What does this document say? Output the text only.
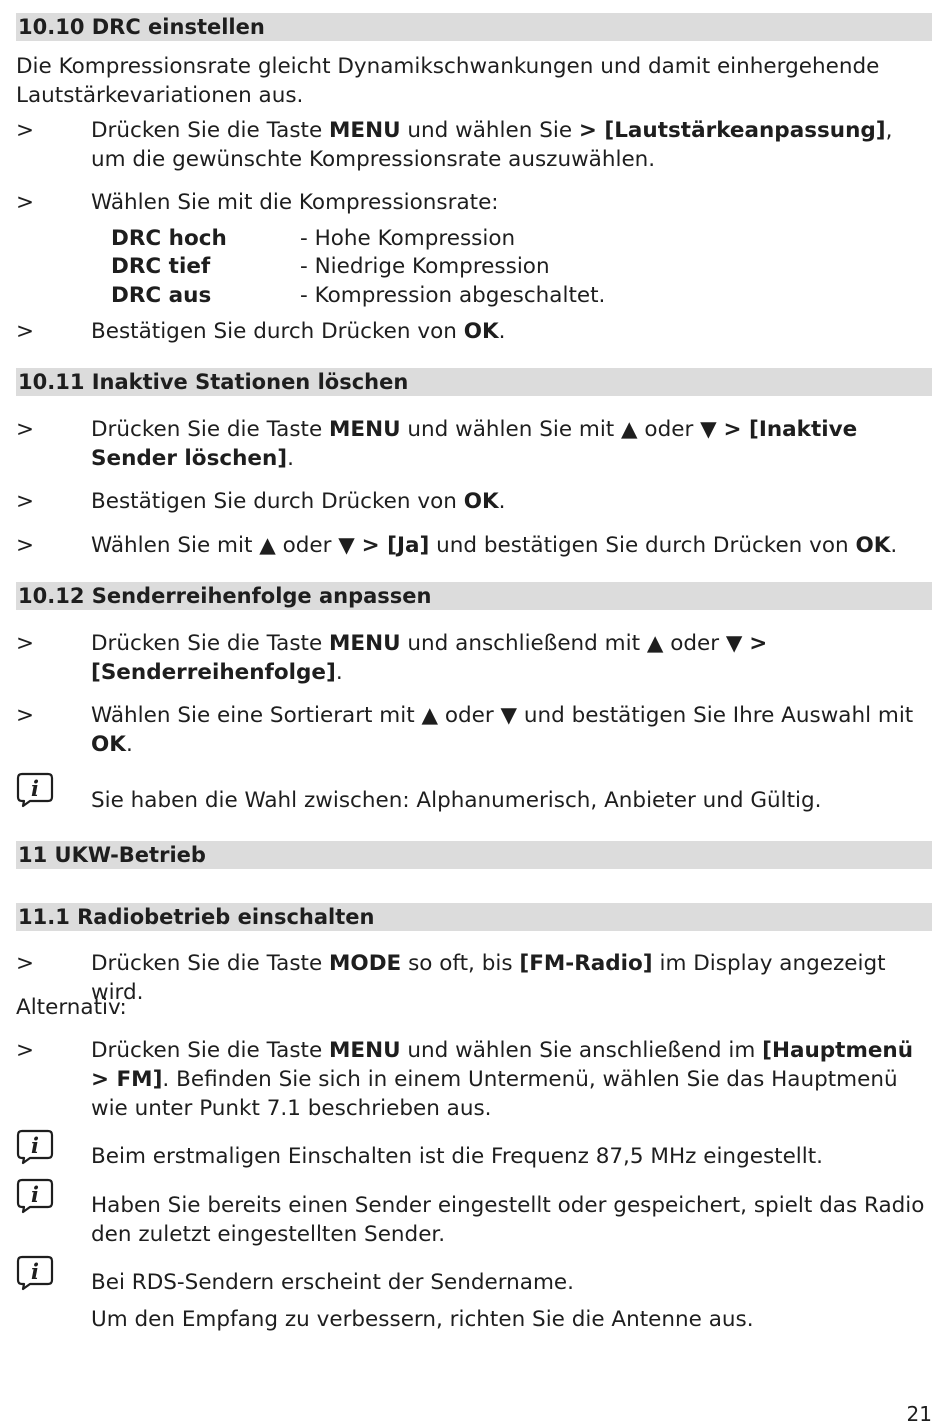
10.10 DRC einstellen
Die Kompressionsrate gleicht Dynamikschwankungen und damit einhergehende Lautstärkevariationen aus.
>	Drücken Sie die Taste MENU und wählen Sie > [Lautstärkeanpassung], um die gewünschte Kompressionsrate auszuwählen.
>	Wählen Sie mit die Kompressionsrate:
DRC hoch	- Hohe Kompression
DRC tief	- Niedrige Kompression
DRC aus	- Kompression abgeschaltet.
>	Bestätigen Sie durch Drücken von OK.
10.11 Inaktive Stationen löschen
>	Drücken Sie die Taste MENU und wählen Sie mit ▲ oder ▼ > [Inaktive Sender löschen].
>	Bestätigen Sie durch Drücken von OK.
>	Wählen Sie mit ▲ oder ▼ > [Ja] und bestätigen Sie durch Drücken von OK.
10.12 Senderreihenfolge anpassen
>	Drücken Sie die Taste MENU und anschließend mit ▲ oder ▼ > [Senderreihenfolge].
>	Wählen Sie eine Sortierart mit ▲ oder ▼ und bestätigen Sie Ihre Auswahl mit OK.
i Sie haben die Wahl zwischen: Alphanumerisch, Anbieter und Gültig.
11 UKW-Betrieb
11.1 Radiobetrieb einschalten
>	Drücken Sie die Taste MODE so oft, bis [FM-Radio] im Display angezeigt wird.
Alternativ:
>	Drücken Sie die Taste MENU und wählen Sie anschließend im [Hauptmenü > FM]. Befinden Sie sich in einem Untermenü, wählen Sie das Hauptmenü wie unter Punkt 7.1 beschrieben aus.
i Beim erstmaligen Einschalten ist die Frequenz 87,5 MHz eingestellt.
i Haben Sie bereits einen Sender eingestellt oder gespeichert, spielt das Radio den zuletzt eingestellten Sender.
i Bei RDS-Sendern erscheint der Sendername.
Um den Empfang zu verbessern, richten Sie die Antenne aus.
21
